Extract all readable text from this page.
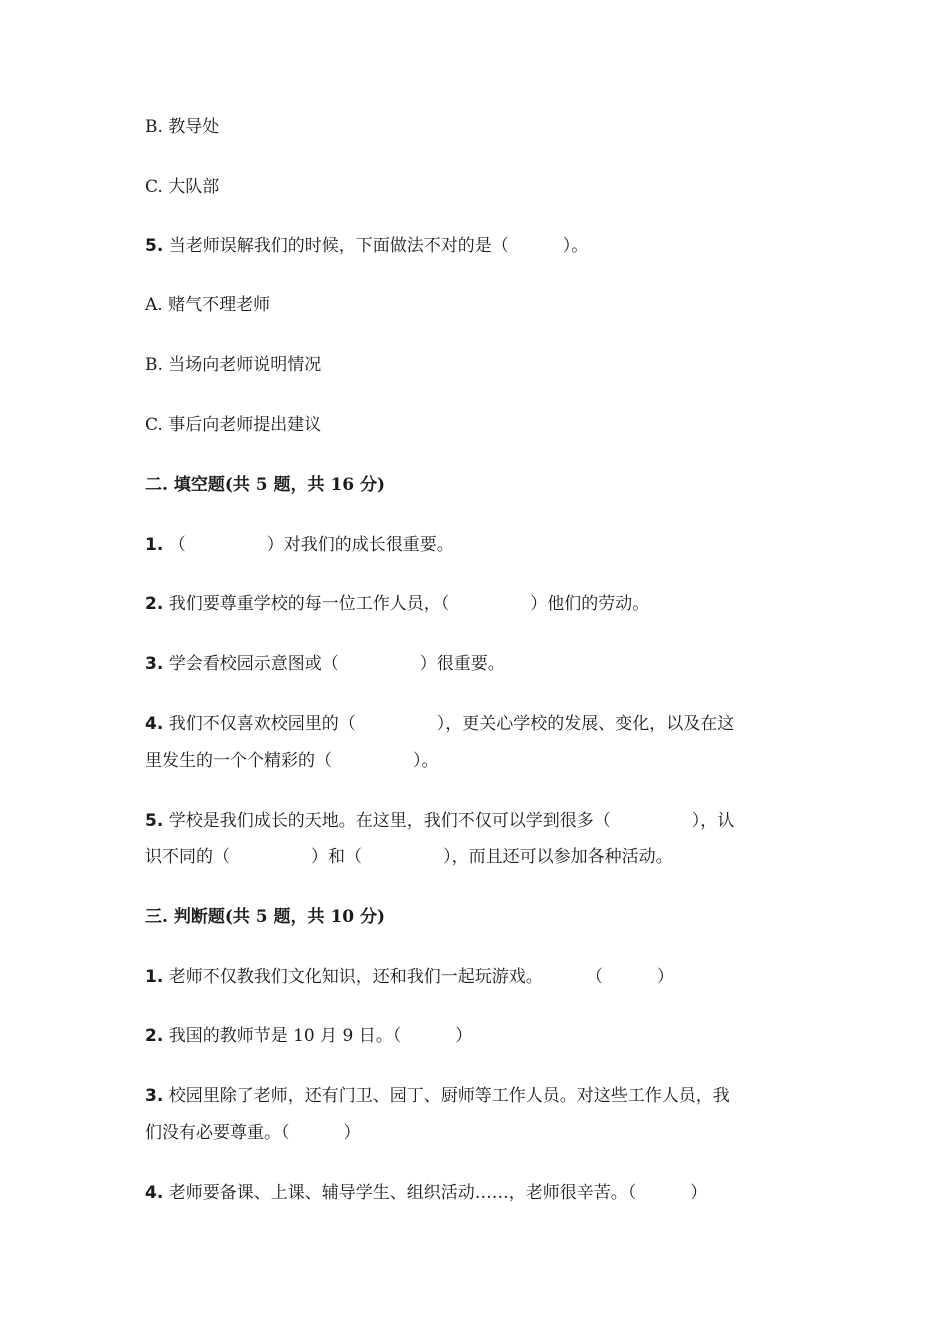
B. 教导处
C. 大队部
5. 当老师误解我们的时候，下面做法不对的是（          ）。
A. 赌气不理老师
B. 当场向老师说明情况
C. 事后向老师提出建议
二. 填空题(共 5 题，共 16 分)
1. （               ）对我们的成长很重要。
2. 我们要尊重学校的每一位工作人员，（               ）他们的劳动。
3. 学会看校园示意图或（               ）很重要。
4. 我们不仅喜欢校园里的（               ），更关心学校的发展、变化，以及在这
里发生的一个个精彩的（               ）。
5. 学校是我们成长的天地。在这里，我们不仅可以学到很多（               ），认
识不同的（               ）和（               ），而且还可以参加各种活动。
三. 判断题(共 5 题，共 10 分)
1. 老师不仅教我们文化知识，还和我们一起玩游戏。        （          ）
2. 我国的教师节是 10 月 9 日。（          ）
3. 校园里除了老师，还有门卫、园丁、厨师等工作人员。对这些工作人员，我
们没有必要尊重。（          ）
4. 老师要备课、上课、辅导学生、组织活动……，老师很辛苦。（          ）
